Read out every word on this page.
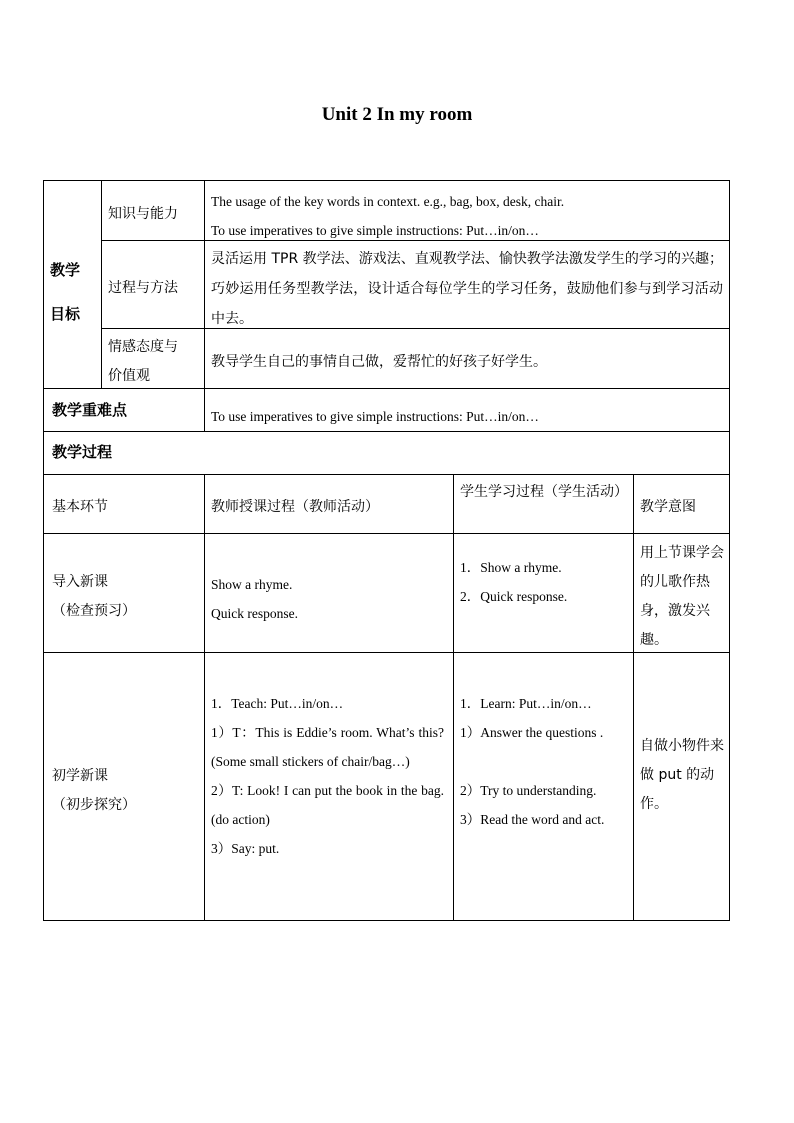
Unit 2 In my room
教学
目标
知识与能力
The usage of the key words in context. e.g., bag, box, desk, chair.
To use imperatives to give simple instructions: Put…in/on…
过程与方法
灵活运用 TPR 教学法、游戏法、直观教学法、愉快教学法激发学生的学习的兴趣；巧妙运用任务型教学法，设计适合每位学生的学习任务，鼓励他们参与到学习活动中去。
情感态度与
价值观
教导学生自己的事情自己做，爱帮忙的好孩子好学生。
教学重难点	To use imperatives to give simple instructions: Put…in/on…
教学过程
基本环节	教师授课过程（教师活动）
学生学习过程（学生活动）
教学意图
导入新课
（检查预习）
Show a rhyme.
Quick response.
1．Show a rhyme.
2．Quick response.
用上节课学会的儿歌作热身，激发兴趣。
初学新课
（初步探究）
1．Teach: Put…in/on…
1）T：This is Eddie’s room. What’s this? (Some small stickers of chair/bag…)
2）T: Look! I can put the book in the bag.(do action)
3）Say: put.
1．Learn: Put…in/on…
1）Answer the questions .
2）Try to understanding.
3）Read the word and act.
自做小物件来做 put 的动作。
